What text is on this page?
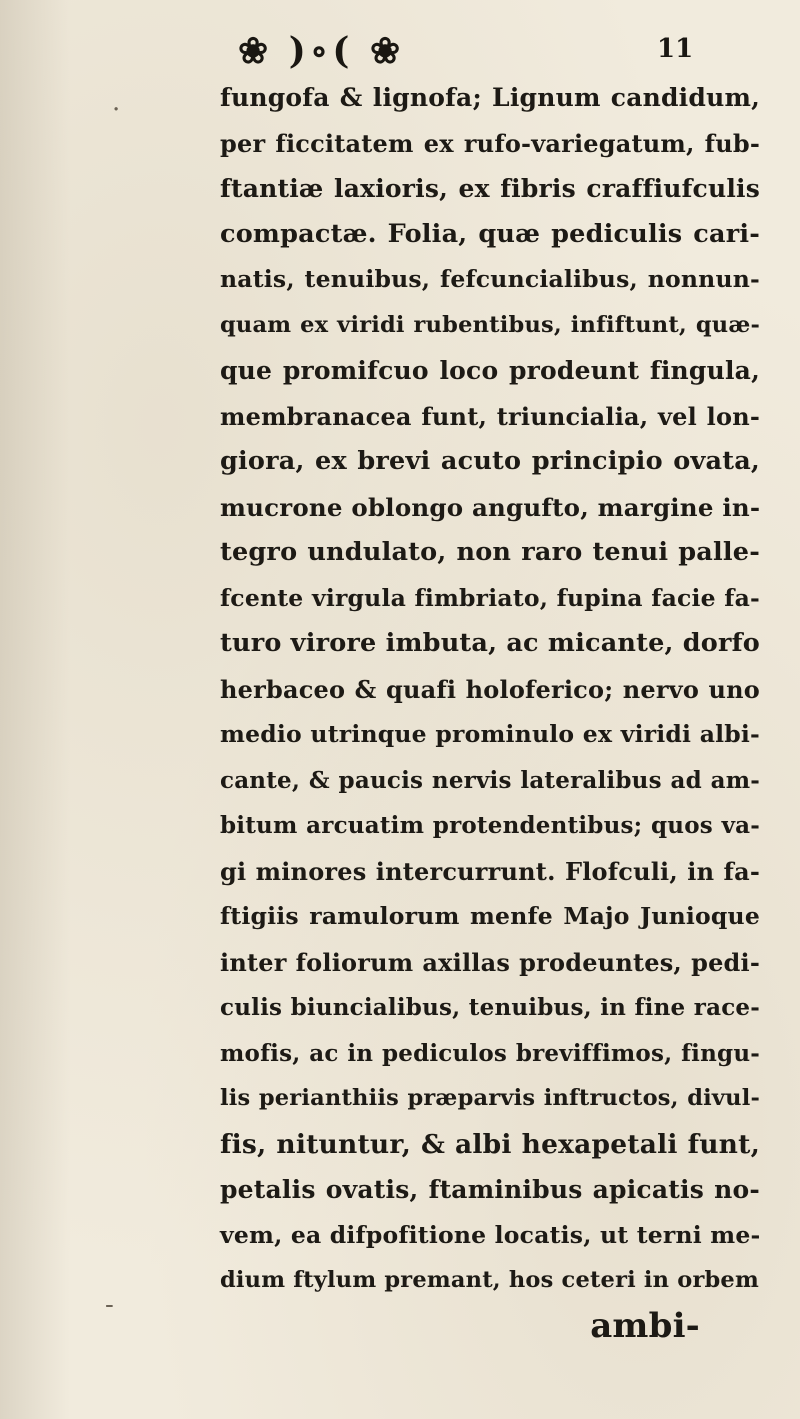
❀ )∘( ❀	11
·
-
fungofa & lignofa; Lignum candidum,
per ficcitatem ex rufo-variegatum, fub-
ftantiæ laxioris, ex fibris craffiufculis
compactæ. Folia, quæ pediculis cari-
natis, tenuibus, fefcuncialibus, nonnun-
quam ex viridi rubentibus, infiftunt, quæ-
que promifcuo loco prodeunt fingula,
membranacea funt, triuncialia, vel lon-
giora, ex brevi acuto principio ovata,
mucrone oblongo angufto, margine in-
tegro undulato, non raro tenui palle-
fcente virgula fimbriato, fupina facie fa-
turo virore imbuta, ac micante, dorfo
herbaceo & quafi holoferico; nervo uno
medio utrinque prominulo ex viridi albi-
cante, & paucis nervis lateralibus ad am-
bitum arcuatim protendentibus; quos va-
gi minores intercurrunt. Flofculi, in fa-
ftigiis ramulorum menfe Majo Junioque
inter foliorum axillas prodeuntes, pedi-
culis biuncialibus, tenuibus, in fine race-
mofis, ac in pediculos breviffimos, fingu-
lis perianthiis præparvis inftructos, divul-
fis, nituntur, & albi hexapetali funt,
petalis ovatis, ftaminibus apicatis no-
vem, ea difpofitione locatis, ut terni me-
dium ftylum premant, hos ceteri in orbem
ambi-
